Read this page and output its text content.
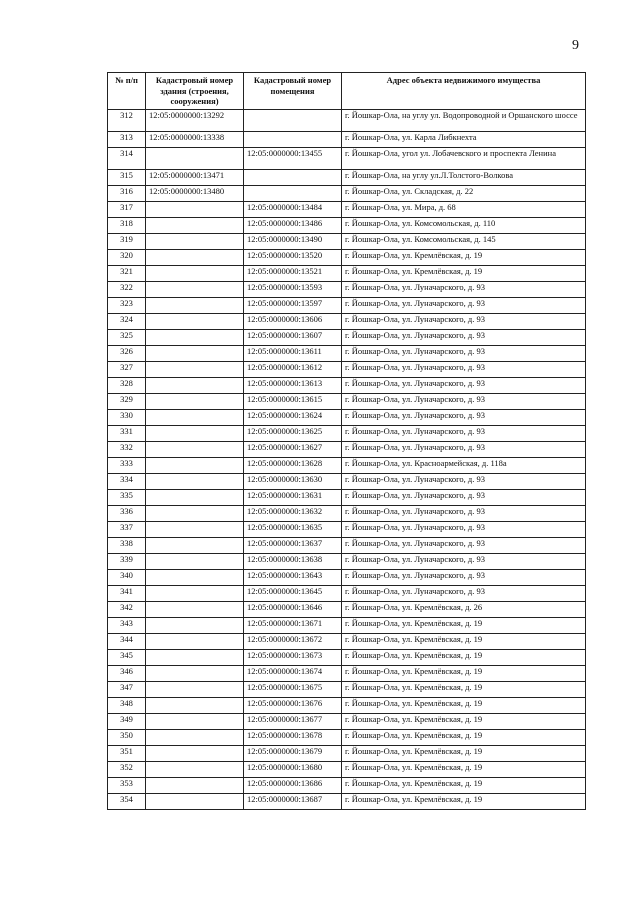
9
№ п/п	Кадастровый номер здания (строения, сооружения)	Кадастровый номер помещения	Адрес объекта недвижимого имущества
312	12:05:0000000:13292		г. Йошкар-Ола, на углу ул. Водопроводной и Оршанского шоссе
313	12:05:0000000:13338		г. Йошкар-Ола, ул. Карла Либкнехта
314		12:05:0000000:13455	г. Йошкар-Ола, угол ул. Лобачевского и проспекта Ленина
315	12:05:0000000:13471		г. Йошкар-Ола, на углу ул.Л.Толстого-Волкова
316	12:05:0000000:13480		г. Йошкар-Ола, ул. Складская, д. 22
317		12:05:0000000:13484	г. Йошкар-Ола, ул. Мира, д. 68
318		12:05:0000000:13486	г. Йошкар-Ола, ул. Комсомольская, д. 110
319		12:05:0000000:13490	г. Йошкар-Ола, ул. Комсомольская, д. 145
320		12:05:0000000:13520	г. Йошкар-Ола, ул. Кремлёвская, д. 19
321		12:05:0000000:13521	г. Йошкар-Ола, ул. Кремлёвская, д. 19
322		12:05:0000000:13593	г. Йошкар-Ола, ул. Луначарского, д. 93
323		12:05:0000000:13597	г. Йошкар-Ола, ул. Луначарского, д. 93
324		12:05:0000000:13606	г. Йошкар-Ола, ул. Луначарского, д. 93
325		12:05:0000000:13607	г. Йошкар-Ола, ул. Луначарского, д. 93
326		12:05:0000000:13611	г. Йошкар-Ола, ул. Луначарского, д. 93
327		12:05:0000000:13612	г. Йошкар-Ола, ул. Луначарского, д. 93
328		12:05:0000000:13613	г. Йошкар-Ола, ул. Луначарского, д. 93
329		12:05:0000000:13615	г. Йошкар-Ола, ул. Луначарского, д. 93
330		12:05:0000000:13624	г. Йошкар-Ола, ул. Луначарского, д. 93
331		12:05:0000000:13625	г. Йошкар-Ола, ул. Луначарского, д. 93
332		12:05:0000000:13627	г. Йошкар-Ола, ул. Луначарского, д. 93
333		12:05:0000000:13628	г. Йошкар-Ола, ул. Красноармейская, д. 118а
334		12:05:0000000:13630	г. Йошкар-Ола, ул. Луначарского, д. 93
335		12:05:0000000:13631	г. Йошкар-Ола, ул. Луначарского, д. 93
336		12:05:0000000:13632	г. Йошкар-Ола, ул. Луначарского, д. 93
337		12:05:0000000:13635	г. Йошкар-Ола, ул. Луначарского, д. 93
338		12:05:0000000:13637	г. Йошкар-Ола, ул. Луначарского, д. 93
339		12:05:0000000:13638	г. Йошкар-Ола, ул. Луначарского, д. 93
340		12:05:0000000:13643	г. Йошкар-Ола, ул. Луначарского, д. 93
341		12:05:0000000:13645	г. Йошкар-Ола, ул. Луначарского, д. 93
342		12:05:0000000:13646	г. Йошкар-Ола, ул. Кремлёвская, д. 26
343		12:05:0000000:13671	г. Йошкар-Ола, ул. Кремлёвская, д. 19
344		12:05:0000000:13672	г. Йошкар-Ола, ул. Кремлёвская, д. 19
345		12:05:0000000:13673	г. Йошкар-Ола, ул. Кремлёвская, д. 19
346		12:05:0000000:13674	г. Йошкар-Ола, ул. Кремлёвская, д. 19
347		12:05:0000000:13675	г. Йошкар-Ола, ул. Кремлёвская, д. 19
348		12:05:0000000:13676	г. Йошкар-Ола, ул. Кремлёвская, д. 19
349		12:05:0000000:13677	г. Йошкар-Ола, ул. Кремлёвская, д. 19
350		12:05:0000000:13678	г. Йошкар-Ола, ул. Кремлёвская, д. 19
351		12:05:0000000:13679	г. Йошкар-Ола, ул. Кремлёвская, д. 19
352		12:05:0000000:13680	г. Йошкар-Ола, ул. Кремлёвская, д. 19
353		12:05:0000000:13686	г. Йошкар-Ола, ул. Кремлёвская, д. 19
354		12:05:0000000:13687	г. Йошкар-Ола, ул. Кремлёвская, д. 19
